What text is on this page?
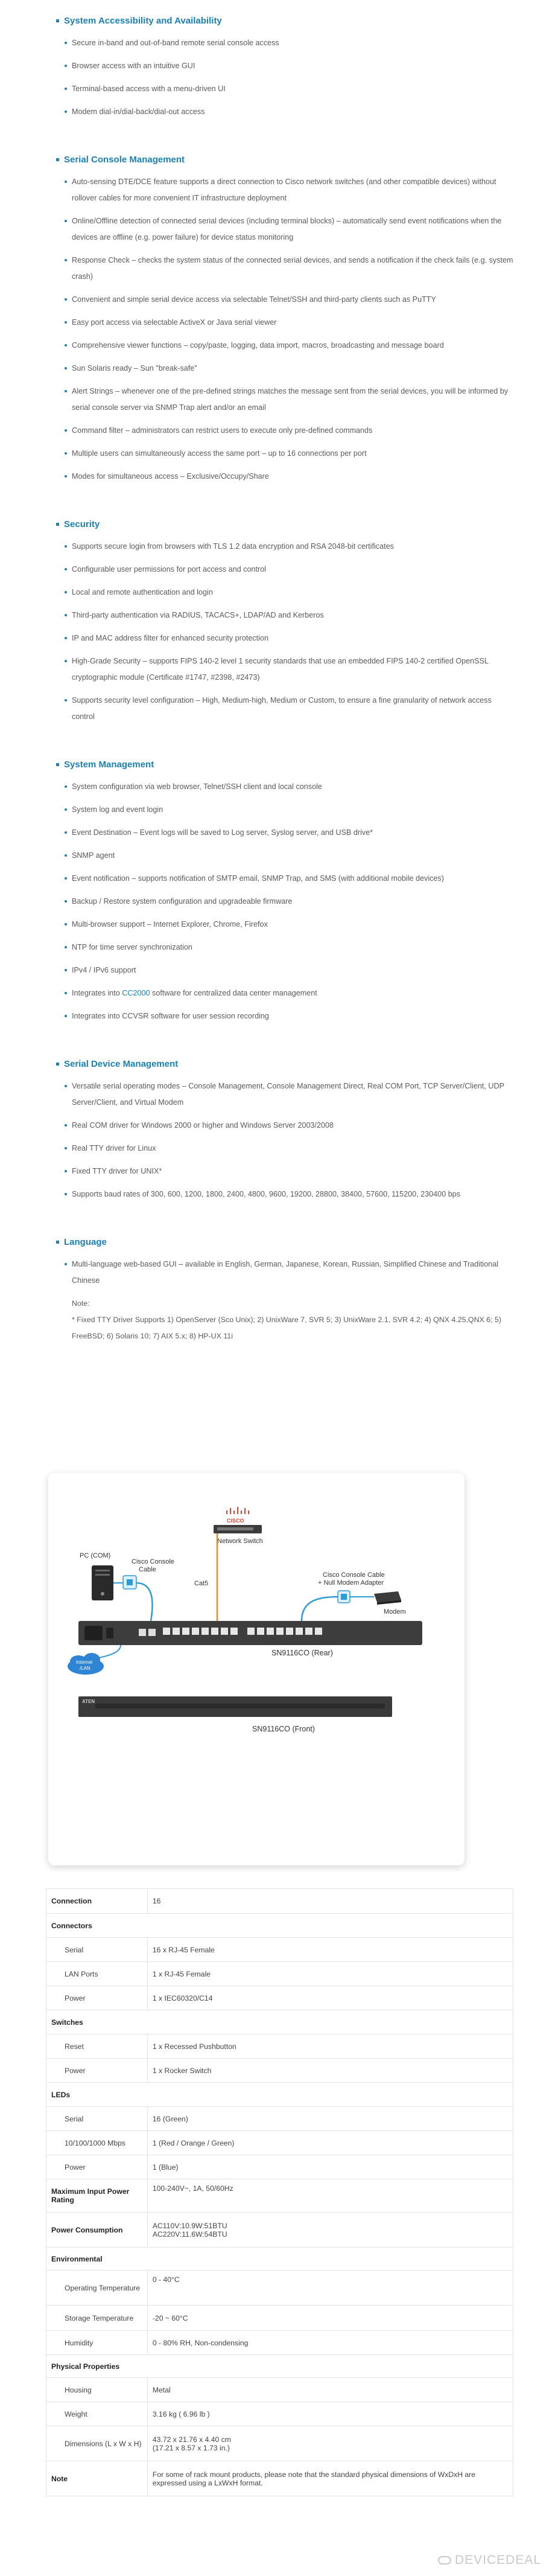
System Accessibility and Availability
Secure in-band and out-of-band remote serial console access
Browser access with an intuitive GUI
Terminal-based access with a menu-driven UI
Modem dial-in/dial-back/dial-out access
Serial Console Management
Auto-sensing DTE/DCE feature supports a direct connection to Cisco network switches (and other compatible devices) without rollover cables for more convenient IT infrastructure deployment
Online/Offline detection of connected serial devices (including terminal blocks) – automatically send event notifications when the devices are offline (e.g. power failure) for device status monitoring
Response Check – checks the system status of the connected serial devices, and sends a notification if the check fails (e.g. system crash)
Convenient and simple serial device access via selectable Telnet/SSH and third-party clients such as PuTTY
Easy port access via selectable ActiveX or Java serial viewer
Comprehensive viewer functions – copy/paste, logging, data import, macros, broadcasting and message board
Sun Solaris ready – Sun "break-safe"
Alert Strings – whenever one of the pre-defined strings matches the message sent from the serial devices, you will be informed by serial console server via SNMP Trap alert and/or an email
Command filter – administrators can restrict users to execute only pre-defined commands
Multiple users can simultaneously access the same port – up to 16 connections per port
Modes for simultaneous access – Exclusive/Occupy/Share
Security
Supports secure login from browsers with TLS 1.2 data encryption and RSA 2048-bit certificates
Configurable user permissions for port access and control
Local and remote authentication and login
Third-party authentication via RADIUS, TACACS+, LDAP/AD and Kerberos
IP and MAC address filter for enhanced security protection
High-Grade Security – supports FIPS 140-2 level 1 security standards that use an embedded FIPS 140-2 certified OpenSSL cryptographic module (Certificate #1747, #2398, #2473)
Supports security level configuration – High, Medium-high, Medium or Custom, to ensure a fine granularity of network access control
System Management
System configuration via web browser, Telnet/SSH client and local console
System log and event login
Event Destination – Event logs will be saved to Log server, Syslog server, and USB drive*
SNMP agent
Event notification – supports notification of SMTP email, SNMP Trap, and SMS (with additional mobile devices)
Backup / Restore system configuration and upgradeable firmware
Multi-browser support – Internet Explorer, Chrome, Firefox
NTP for time server synchronization
IPv4 / IPv6 support
Integrates into CC2000 software for centralized data center management
Integrates into CCVSR software for user session recording
Serial Device Management
Versatile serial operating modes – Console Management, Console Management Direct, Real COM Port, TCP Server/Client, UDP Server/Client, and Virtual Modem
Real COM driver for Windows 2000 or higher and Windows Server 2003/2008
Real TTY driver for Linux
Fixed TTY driver for UNIX*
Supports baud rates of 300, 600, 1200, 1800, 2400, 4800, 9600, 19200, 28800, 38400, 57600, 115200, 230400 bps
Language
Multi-language web-based GUI – available in English, German, Japanese, Korean, Russian, Simplified Chinese and Traditional Chinese
Note:
* Fixed TTY Driver Supports 1) OpenServer (Sco Unix); 2) UnixWare 7, SVR 5; 3) UnixWare 2.1, SVR 4.2; 4) QNX 4.25,QNX 6; 5) FreeBSD; 6) Solaris 10; 7) AIX 5.x; 8) HP-UX 11i
PC (COM)
Cisco Console
Cable
CISCO
Network Switch
Cat5
Cisco Console Cable
+ Null Modem Adapter
Modem
SN9116CO (Rear)
Internet
/LAN
ATEN
SN9116CO (Front)
Connection	16
Connectors	
Serial	16 x RJ-45 Female
LAN Ports	1 x RJ-45 Female
Power	1 x IEC60320/C14
Switches	
Reset	1 x Recessed Pushbutton
Power	1 x Rocker Switch
LEDs	
Serial	16 (Green)
10/100/1000 Mbps	1 (Red / Orange / Green)
Power	1 (Blue)
Maximum Input Power Rating	100-240V~, 1A, 50/60Hz
Power Consumption	AC110V:10.9W:51BTU
AC220V:11.6W:54BTU

Environmental	
Operating Temperature	0 - 40°C
Storage Temperature	-20 ~ 60°C
Humidity	0 - 80% RH, Non-condensing
Physical Properties	
Housing	Metal
Weight	3.16 kg ( 6.96 lb )
Dimensions (L x W x H)	43.72 x 21.76 x 4.40 cm
(17.21 x 8.57 x 1.73 in.)

Note	For some of rack mount products, please note that the standard physical dimensions of WxDxH are expressed using a LxWxH format.
DEVICEDEAL
